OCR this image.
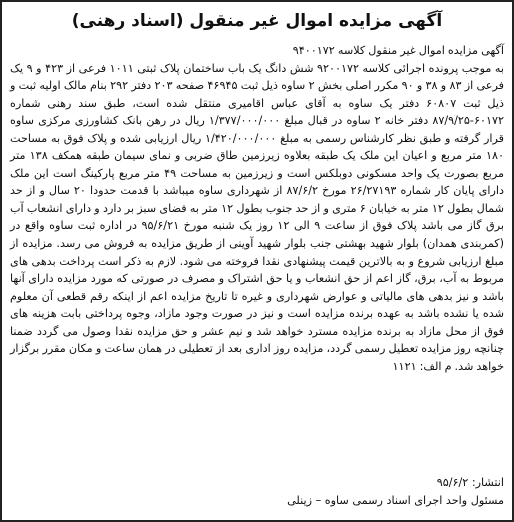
آگهی مزایده اموال غیر منقول (اسناد رهنی)

آگهی مزایده اموال غیر منقول کلاسه ۹۴۰۰۱۷۲

به موجب پرونده اجرائی کلاسه ۹۲۰۰۱۷۲ شش دانگ یک باب ساختمان پلاک ثبتی ۱۰۱۱ فرعی از ۴۲۳ و ۹ یک فرعی از ۸۳ و ۳۸ و ۹۰ مکرر اصلی بخش ۲ ساوه ذیل ثبت ۴۶۹۴۵ صفحه ۲۰۳ دفتر ۲۹۲ بنام مالک اولیه ثبت و ذیل ثبت ۶۰۸۰۷ دفتر یک ساوه به آقای عباس اقامیری منتقل شده است، طبق سند رهنی شماره ۶۰۱۷۲-۸۷/۹/۲۵ دفتر خانه ۲ ساوه در قبال مبلغ ۱/۳۷۷/۰۰۰/۰۰۰ ریال در رهن بانک کشاورزی مرکزی ساوه قرار گرفته و طبق نظر کارشناس رسمی به مبلغ ۱/۴۲۰/۰۰۰/۰۰۰ ریال ارزیابی شده و پلاک فوق به مساحت ۱۸۰ متر مربع و اعیان این ملک یک طبقه بعلاوه زیرزمین طاق ضربی و نمای سیمان طبقه همکف ۱۳۸ متر مربع بصورت یک واحد مسکونی دوبلکس است و زیرزمین به مساحت ۴۹ متر مربع پارکینگ است این ملک دارای پایان کار شماره ۲۶/۲۷۱۹۳ مورخ ۸۷/۶/۲ از شهرداری ساوه میباشد با قدمت حدودا ۲۰ سال و از حد شمال بطول ۱۲ متر به خیابان ۶ متری و از حد جنوب بطول ۱۲ متر به فضای سبز بر دارد و دارای انشعاب آب برق گاز می باشد پلاک فوق از ساعت ۹ الی ۱۲ روز یک شنبه مورخ ۹۵/۶/۲۱ در اداره ثبت ساوه واقع در (کمربندی همدان) بلوار شهید بهشتی جنب بلوار شهید آوینی از طریق مزایده به فروش می رسد. مزایده از مبلغ ارزیابی شروع و به بالاترین قیمت پیشنهادی نقدا فروخته می شود. لازم به ذکر است پرداخت بدهی های مربوط به آب، برق، گاز اعم از حق انشعاب و یا حق اشتراک و مصرف در صورتی که مورد مزایده دارای آنها باشد و نیز بدهی های مالیاتی و عوارض شهرداری و غیره تا تاریخ مزایده اعم از اینکه رقم قطعی آن معلوم شده یا نشده باشد به عهده برنده مزایده است و نیز در صورت وجود مازاد، وجوه پرداختی بابت هزینه های فوق از محل مازاد به برنده مزایده مسترد خواهد شد و نیم عشر و حق مزایده نقدا وصول می گردد ضمنا چنانچه روز مزایده تعطیل رسمی گردد، مزایده روز اداری بعد از تعطیلی در همان ساعت و مکان مقرر برگزار خواهد شد. م الف: ۱۱۲۱

انتشار: ۹۵/۶/۲

مسئول واحد اجرای اسناد رسمی ساوه – زینلی
